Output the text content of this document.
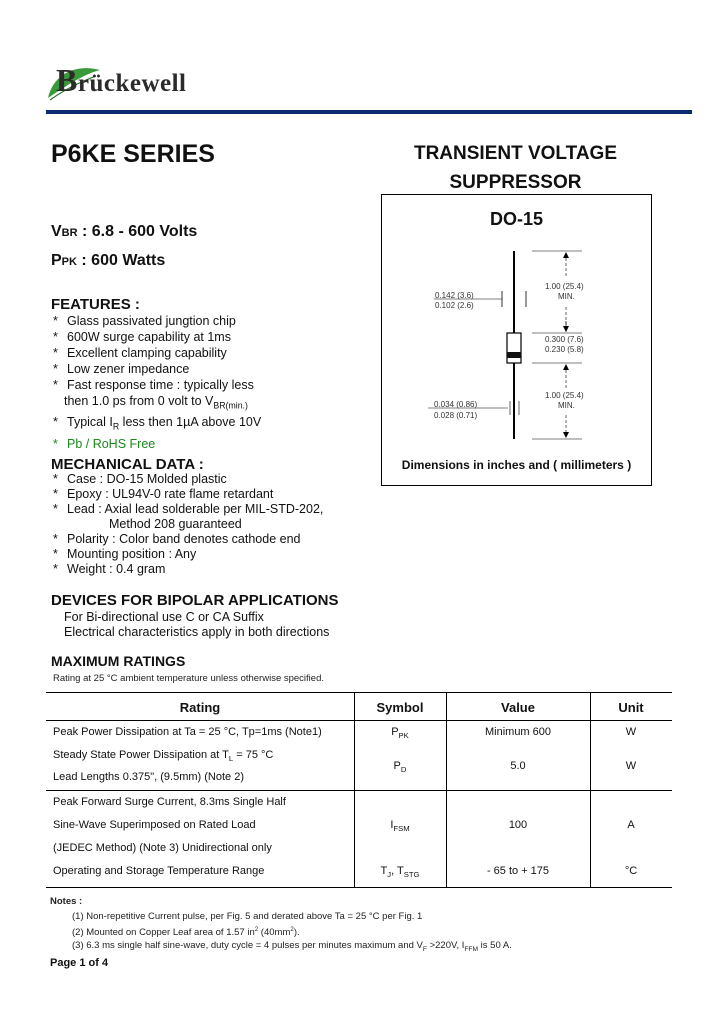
Brückewell
P6KE SERIES	TRANSIENT VOLTAGE
SUPPRESSOR
VBR : 6.8 - 600 Volts
PPK : 600 Watts
FEATURES :
* Glass passivated jungtion chip
* 600W surge capability at 1ms
* Excellent clamping capability
* Low zener impedance
* Fast response time : typically less
then 1.0 ps from 0 volt to $V_{BR(min.)}$
* Typical $I_R$ less then 1µA above 10V
* Pb / RoHS Free
MECHANICAL DATA :
* Case : DO-15 Molded plastic
* Epoxy : UL94V-0 rate flame retardant
* Lead : Axial lead solderable per MIL-STD-202,
Method 208 guaranteed
* Polarity : Color band denotes cathode end
* Mounting position : Any
* Weight : 0.4 gram
DEVICES FOR BIPOLAR APPLICATIONS
For Bi-directional use C or CA Suffix
Electrical characteristics apply in both directions
MAXIMUM RATINGS
Rating at 25 °C ambient temperature unless otherwise specified.
Rating	Symbol	Value	Unit
Peak Power Dissipation at Ta = 25 °C, Tp=1ms (Note1)	$P_{PK}$	Minimum 600	W
Steady State Power Dissipation at $T_L = 75$ °C
Lead Lengths 0.375", (9.5mm) (Note 2)
$P_D$	5.0	W
Peak Forward Surge Current, 8.3ms Single Half
Sine-Wave Superimposed on Rated Load
(JEDEC Method) (Note 3) Unidirectional only
$I_{FSM}$	100	A
Operating and Storage Temperature Range	$T_J$, $T_{STG}$	- 65 to + 175	°C
Notes :
(1) Non-repetitive Current pulse, per Fig. 5 and derated above Ta = 25 °C per Fig. 1
(2) Mounted on Copper Leaf area of 1.57 $in^2$ $(40mm^2)$.
(3) 6.3 ms single half sine-wave, duty cycle = 4 pulses per minutes maximum and $V_F >220V$, $I_{FFM}$ is 50 A.
Page 1 of 4
DO-15
1.00 (25.4)
MIN.
0.142 (3.6)
0.102 (2.6)
0.300 (7.6)
0.230 (5.8)
1.00 (25.4)
MIN.
0.034 (0.86)
0.028 (0.71)
Dimensions in inches and ( millimeters )
